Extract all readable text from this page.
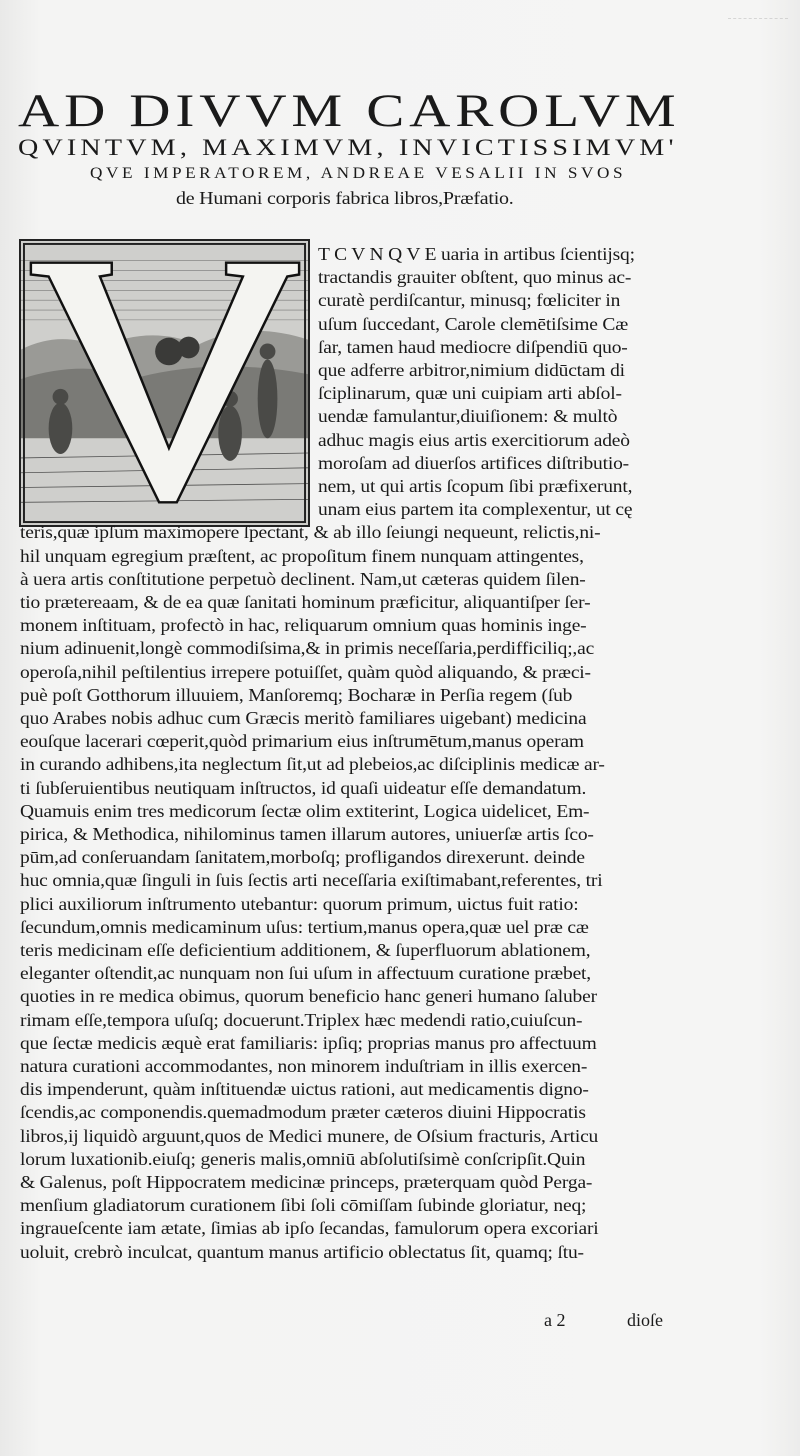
AD DIVVM CAROLVM
QVINTVM, MAXIMVM, INVICTISSIMVM'
QVE IMPERATOREM, ANDREAE VESALII IN SVOS
de Humani corporis fabrica libros,Præfatio.
T C V N Q V E uaria in artibus ſcientijsq;
tractandis grauiter obſtent, quo minus ac-
curatè perdiſcantur, minusq; fœliciter in
uſum ſuccedant, Carole clemētiſsime Cæ
ſar, tamen haud mediocre diſpendiū quo-
que adferre arbitror,nimium didūctam di
ſciplinarum, quæ uni cuipiam arti abſol-
uendæ famulantur,diuiſionem: & multò
adhuc magis eius artis exercitiorum adeò
moroſam ad diuerſos artifices diſtributio-
nem, ut qui artis ſcopum ſibi præfixerunt,
unam eius partem ita complexentur, ut cę
teris,quæ ipſum maximopere ſpectant, & ab illo ſeiungi nequeunt, relictis,ni-
hil unquam egregium præſtent, ac propoſitum finem nunquam attingentes,
à uera artis conſtitutione perpetuò declinent. Nam,ut cæteras quidem ſilen-
tio prætereaam, & de ea quæ ſanitati hominum præficitur, aliquantiſper ſer-
monem inſtituam, profectò in hac, reliquarum omnium quas hominis inge-
nium adinuenit,longè commodiſsima,& in primis neceſſaria,perdifficiliq;,ac
operoſa,nihil peſtilentius irrepere potuiſſet, quàm quòd aliquando, & præci-
puè poſt Gotthorum illuuiem, Manſoremq; Bocharæ in Perſia regem (ſub
quo Arabes nobis adhuc cum Græcis meritò familiares uigebant) medicina
eouſque lacerari cœperit,quòd primarium eius inſtrumētum,manus operam
in curando adhibens,ita neglectum ſit,ut ad plebeios,ac diſciplinis medicæ ar-
ti ſubſeruientibus neutiquam inſtructos, id quaſi uideatur eſſe demandatum.
Quamuis enim tres medicorum ſectæ olim extiterint, Logica uidelicet, Em-
pirica, & Methodica, nihilominus tamen illarum autores, uniuerſæ artis ſco-
pūm,ad conſeruandam ſanitatem,morboſq; profligandos direxerunt. deinde
huc omnia,quæ ſinguli in ſuis ſectis arti neceſſaria exiſtimabant,referentes, tri
plici auxiliorum inſtrumento utebantur: quorum primum, uictus fuit ratio:
ſecundum,omnis medicaminum uſus: tertium,manus opera,quæ uel præ cæ
teris medicinam eſſe deficientium additionem, & ſuperfluorum ablationem,
eleganter oſtendit,ac nunquam non ſui uſum in affectuum curatione præbet,
quoties in re medica obimus, quorum beneficio hanc generi humano ſaluber
rimam eſſe,tempora uſuſq; docuerunt.Triplex hæc medendi ratio,cuiuſcun-
que ſectæ medicis æquè erat familiaris: ipſiq; proprias manus pro affectuum
natura curationi accommodantes, non minorem induſtriam in illis exercen-
dis impenderunt, quàm inſtituendæ uictus rationi, aut medicamentis digno-
ſcendis,ac componendis.quemadmodum præter cæteros diuini Hippocratis
libros,ij liquidò arguunt,quos de Medici munere, de Oſsium fracturis, Articu
lorum luxationib.eiuſq; generis malis,omniū abſolutiſsimè conſcripſit.Quin
& Galenus, poſt Hippocratem medicinæ princeps, præterquam quòd Perga-
menſium gladiatorum curationem ſibi ſoli cōmiſſam ſubinde gloriatur, neq;
ingraueſcente iam ætate, ſimias ab ipſo ſecandas, famulorum opera excoriari
uoluit, crebrò inculcat, quantum manus artificio oblectatus ſit, quamq; ſtu-
a 2	dioſe
